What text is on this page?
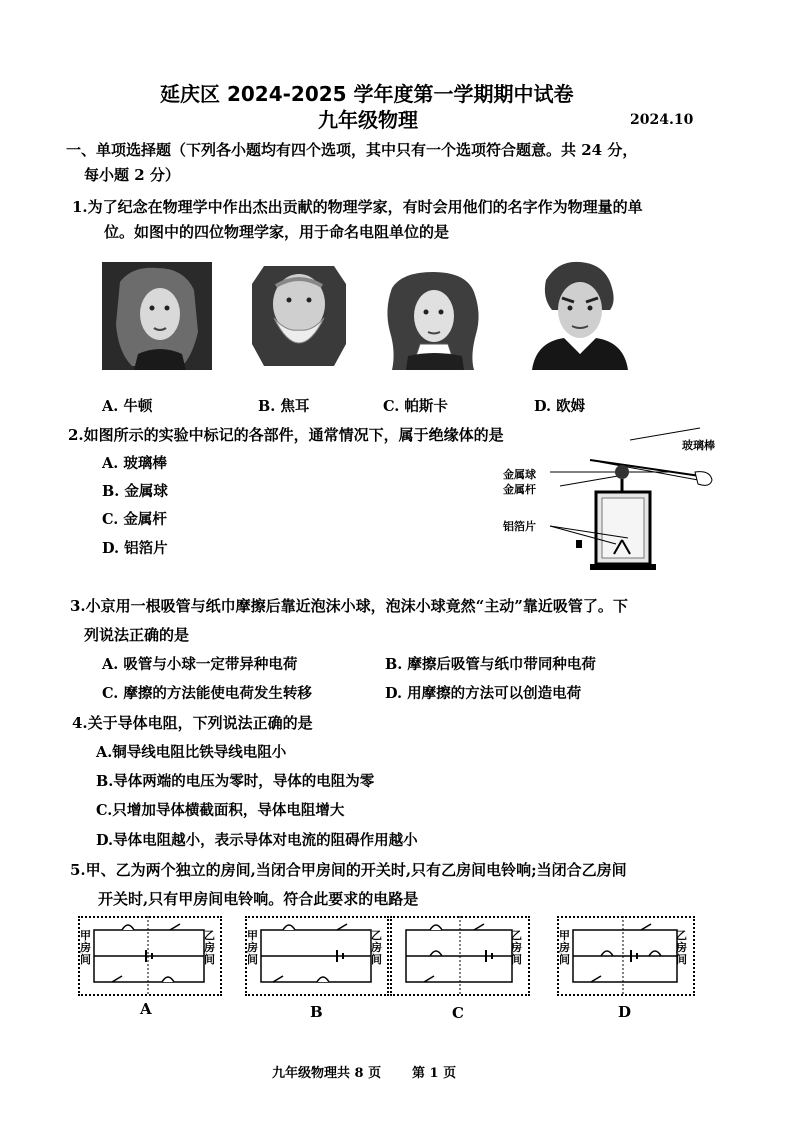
延庆区 2024-2025 学年度第一学期期中试卷
九年级物理	2024.10
一、单项选择题（下列各小题均有四个选项，其中只有一个选项符合题意。共 24 分，
每小题 2 分）
1.为了纪念在物理学中作出杰出贡献的物理学家，有时会用他们的名字作为物理量的单
位。如图中的四位物理学家，用于命名电阻单位的是
A. 牛顿	B. 焦耳	C. 帕斯卡	D. 欧姆
2.如图所示的实验中标记的各部件，通常情况下，属于绝缘体的是
A. 玻璃棒
B. 金属球
C. 金属杆
D. 铝箔片
玻璃棒
金属球
金属杆
铝箔片
3.小京用一根吸管与纸巾摩擦后靠近泡沫小球，泡沫小球竟然“主动”靠近吸管了。下
列说法正确的是
A. 吸管与小球一定带异种电荷	B. 摩擦后吸管与纸巾带同种电荷
C. 摩擦的方法能使电荷发生转移	D. 用摩擦的方法可以创造电荷
4.关于导体电阻，下列说法正确的是
A.铜导线电阻比铁导线电阻小
B.导体两端的电压为零时，导体的电阻为零
C.只增加导体横截面积，导体电阻增大
D.导体电阻越小，表示导体对电流的阻碍作用越小
5.甲、乙为两个独立的房间,当闭合甲房间的开关时,只有乙房间电铃响;当闭合乙房间
开关时,只有甲房间电铃响。符合此要求的电路是
甲房间
乙房间
A
甲房间
乙房间
B
乙房间
C
甲房间
乙房间
D
九年级物理共 8 页 第 1 页
